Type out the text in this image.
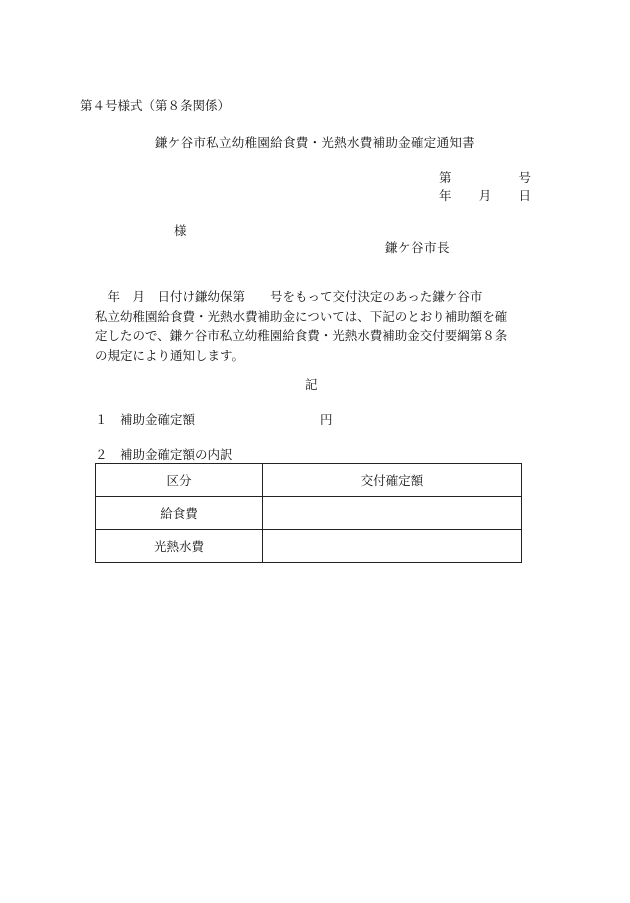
第４号様式（第８条関係）
鎌ケ谷市私立幼稚園給食費・光熱水費補助金確定通知書
第	号
年 月 日
様
鎌ケ谷市長
　年　月　日付け鎌幼保第　　号をもって交付決定のあった鎌ケ谷市
私立幼稚園給食費・光熱水費補助金については、下記のとおり補助額を確
定したので、鎌ケ谷市私立幼稚園給食費・光熱水費補助金交付要綱第８条
の規定により通知します。
記
１　補助金確定額	円
２　補助金確定額の内訳
区分	交付確定額
給食費	
光熱水費	
